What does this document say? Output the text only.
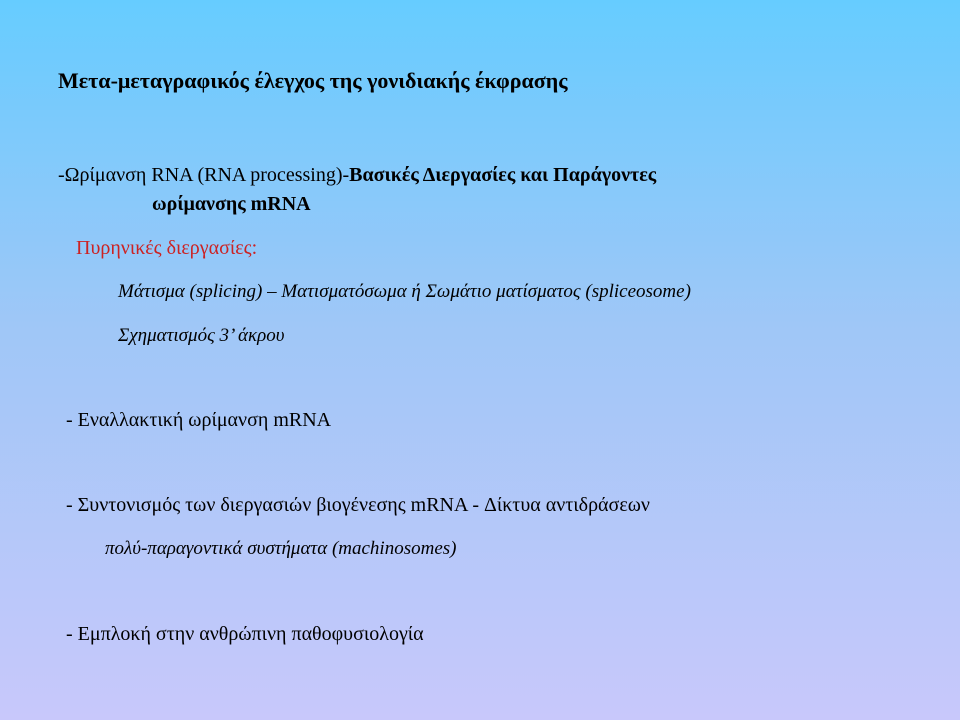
Μετα-μεταγραφικός έλεγχος της γονιδιακής έκφρασης
-Ωρίμανση RNA (RNA processing)-Βασικές Διεργασίες και Παράγοντες
ωρίμανσης mRNA
Πυρηνικές διεργασίες:
Μάτισμα (splicing) – Ματισματόσωμα ή Σωμάτιο ματίσματος (spliceosome)
Σχηματισμός 3’ άκρου
- Εναλλακτική ωρίμανση mRNA
- Συντονισμός των διεργασιών βιογένεσης mRNA - Δίκτυα αντιδράσεων
πολύ-παραγοντικά συστήματα (machinosomes)
- Εμπλοκή στην ανθρώπινη παθοφυσιολογία
